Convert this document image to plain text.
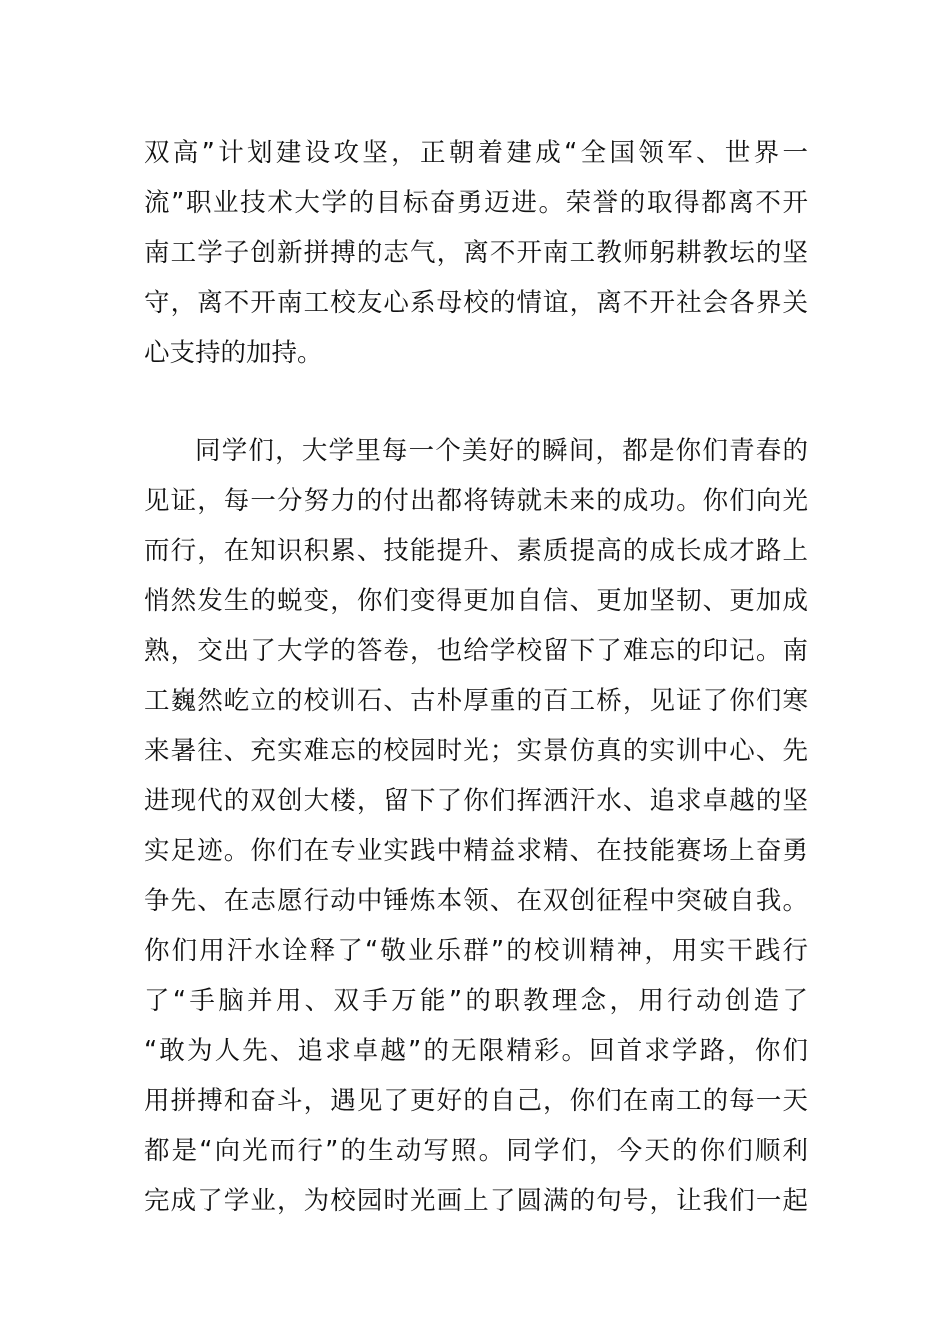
双高”计划建设攻坚，正朝着建成“全国领军、世界一
流”职业技术大学的目标奋勇迈进。荣誉的取得都离不开
南工学子创新拼搏的志气，离不开南工教师躬耕教坛的坚
守，离不开南工校友心系母校的情谊，离不开社会各界关
心支持的加持。
同学们，大学里每一个美好的瞬间，都是你们青春的
见证，每一分努力的付出都将铸就未来的成功。你们向光
而行，在知识积累、技能提升、素质提高的成长成才路上
悄然发生的蜕变，你们变得更加自信、更加坚韧、更加成
熟，交出了大学的答卷，也给学校留下了难忘的印记。南
工巍然屹立的校训石、古朴厚重的百工桥，见证了你们寒
来暑往、充实难忘的校园时光；实景仿真的实训中心、先
进现代的双创大楼，留下了你们挥洒汗水、追求卓越的坚
实足迹。你们在专业实践中精益求精、在技能赛场上奋勇
争先、在志愿行动中锤炼本领、在双创征程中突破自我。
你们用汗水诠释了“敬业乐群”的校训精神，用实干践行
了“手脑并用、双手万能”的职教理念，用行动创造了
“敢为人先、追求卓越”的无限精彩。回首求学路，你们
用拼搏和奋斗，遇见了更好的自己，你们在南工的每一天
都是“向光而行”的生动写照。同学们，今天的你们顺利
完成了学业，为校园时光画上了圆满的句号，让我们一起
